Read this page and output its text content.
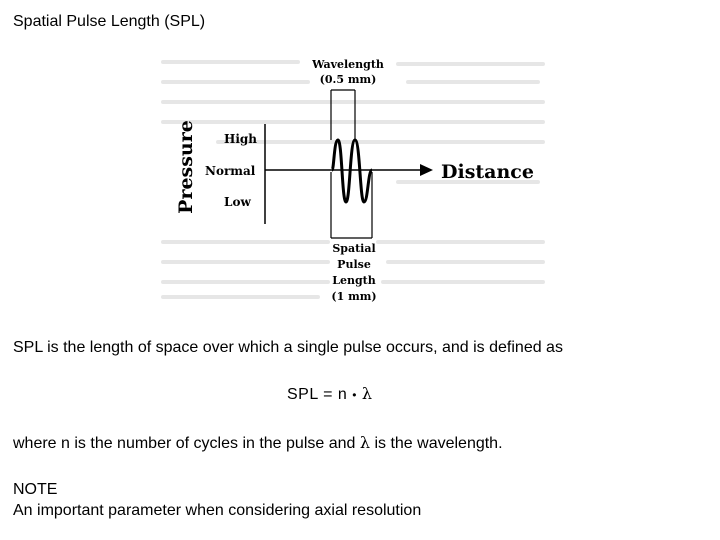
Spatial Pulse Length (SPL)
Pressure High
Normal
Low
Distance
Wavelength
(0.5 mm)
Spatial
Pulse
Length
(1 mm)
SPL is the length of space over which a single pulse occurs, and is defined as
SPL = n • λ
where n is the number of cycles in the pulse and λ is the wavelength.
NOTE
An important parameter when considering axial resolution
